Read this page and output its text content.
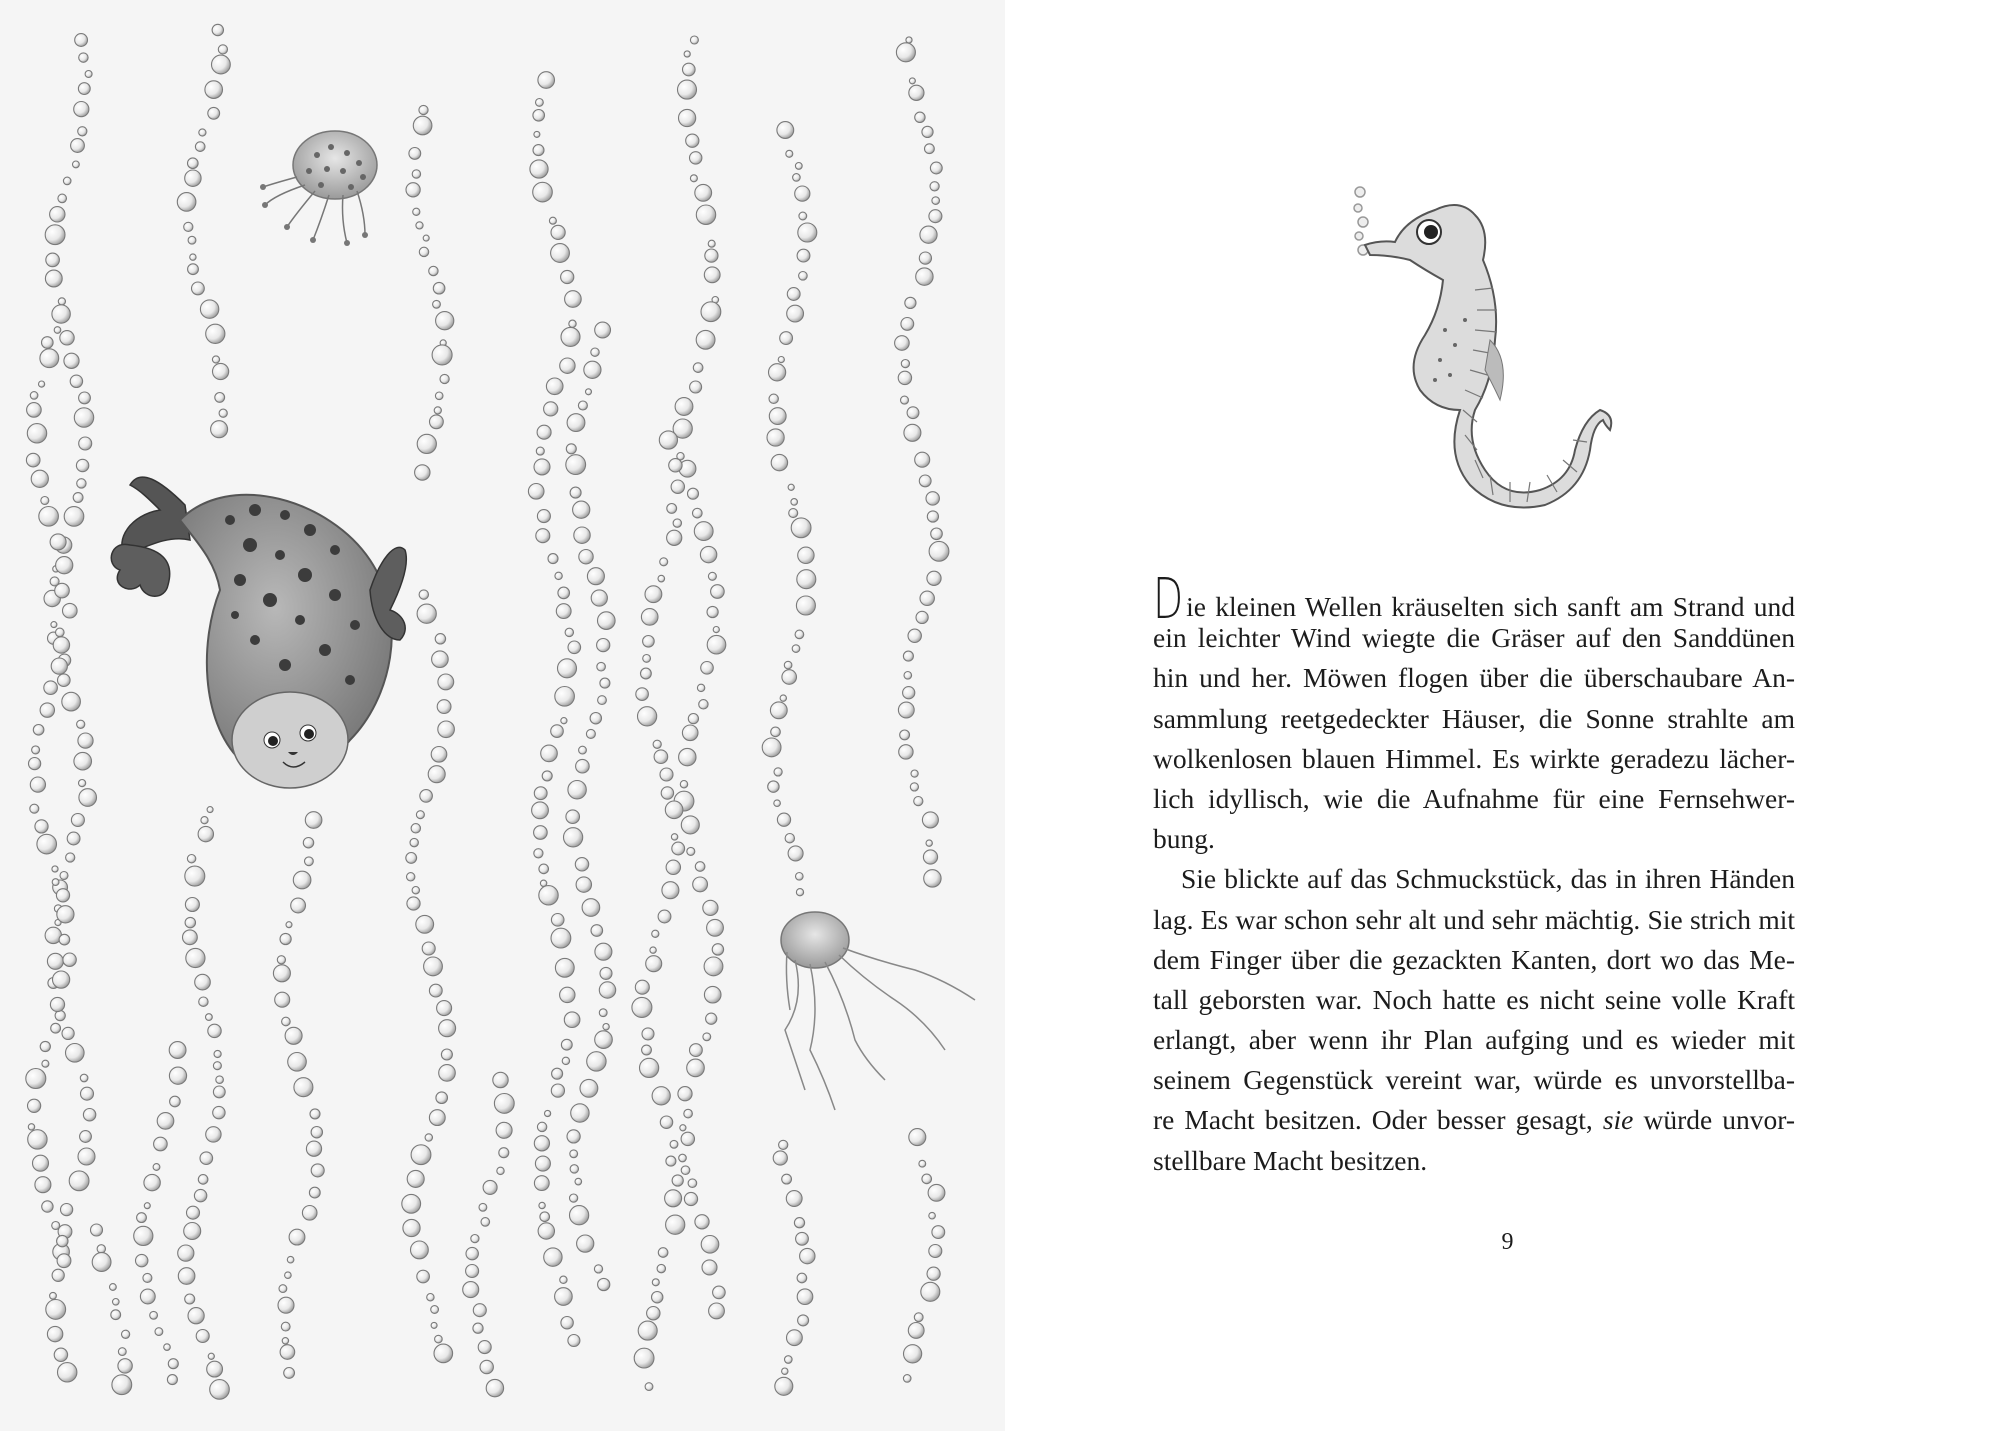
Die kleinen Wellen kräuselten sich sanft am Strand und
ein leichter Wind wiegte die Gräser auf den Sanddünen
hin und her. Möwen flogen über die überschaubare An-
sammlung reetgedeckter Häuser, die Sonne strahlte am
wolkenlosen blauen Himmel. Es wirkte geradezu lächer-
lich idyllisch, wie die Aufnahme für eine Fernsehwer-
bung.
Sie blickte auf das Schmuckstück, das in ihren Händen
lag. Es war schon sehr alt und sehr mächtig. Sie strich mit
dem Finger über die gezackten Kanten, dort wo das Me-
tall geborsten war. Noch hatte es nicht seine volle Kraft
erlangt, aber wenn ihr Plan aufging und es wieder mit
seinem Gegenstück vereint war, würde es unvorstellba-
re Macht besitzen. Oder besser gesagt, sie würde unvor-
stellbare Macht besitzen.
9
